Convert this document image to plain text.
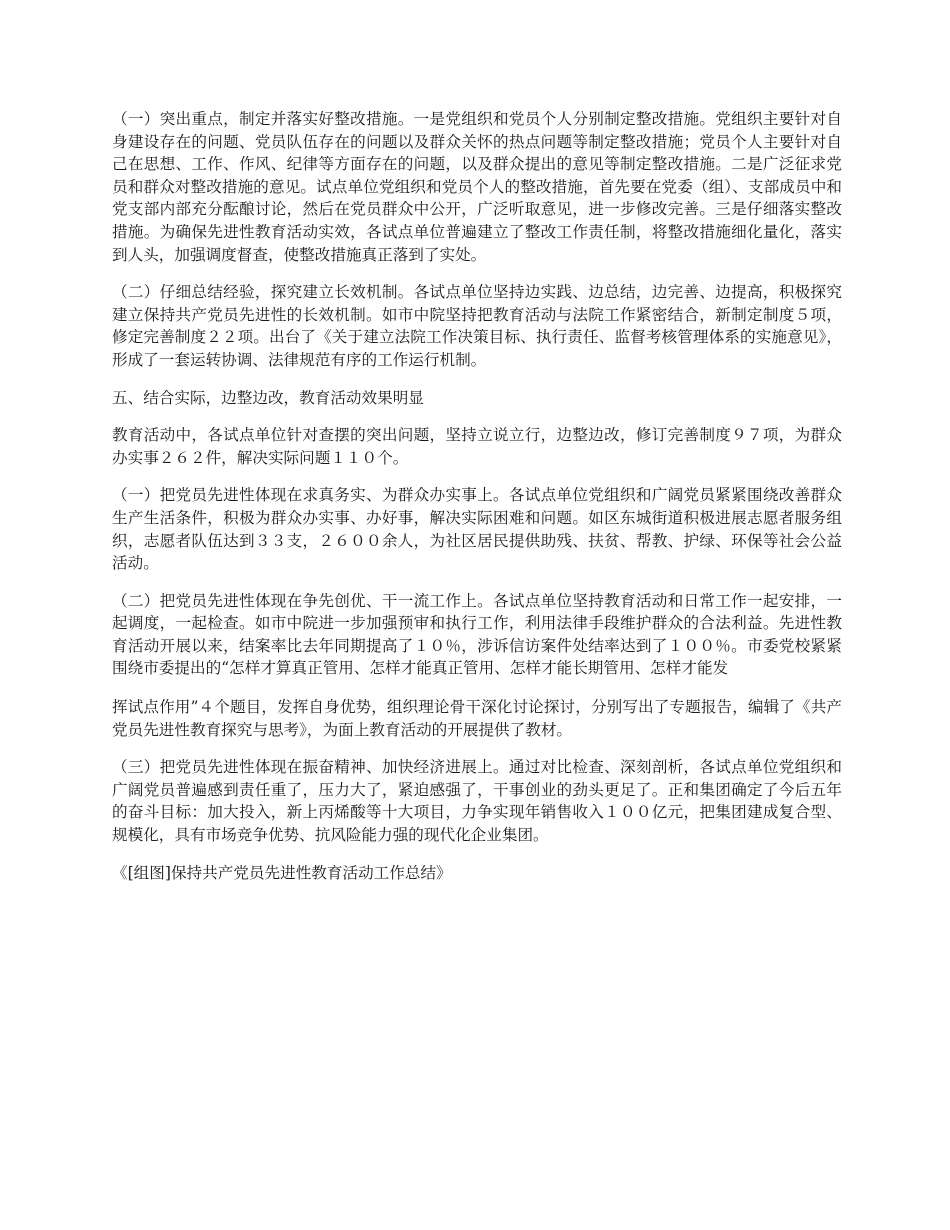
（一）突出重点，制定并落实好整改措施。一是党组织和党员个人分别制定整改措施。党组织主要针对自身建设存在的问题、党员队伍存在的问题以及群众关怀的热点问题等制定整改措施；党员个人主要针对自己在思想、工作、作风、纪律等方面存在的问题，以及群众提出的意见等制定整改措施。二是广泛征求党员和群众对整改措施的意见。试点单位党组织和党员个人的整改措施，首先要在党委（组）、支部成员中和党支部内部充分酝酿讨论，然后在党员群众中公开，广泛听取意见，进一步修改完善。三是仔细落实整改措施。为确保先进性教育活动实效，各试点单位普遍建立了整改工作责任制，将整改措施细化量化，落实到人头，加强调度督查，使整改措施真正落到了实处。

（二）仔细总结经验，探究建立长效机制。各试点单位坚持边实践、边总结，边完善、边提高，积极探究建立保持共产党员先进性的长效机制。如市中院坚持把教育活动与法院工作紧密结合，新制定制度５项，修定完善制度２２项。出台了《关于建立法院工作决策目标、执行责任、监督考核管理体系的实施意见》，形成了一套运转协调、法律规范有序的工作运行机制。

五、结合实际，边整边改，教育活动效果明显

教育活动中，各试点单位针对查摆的突出问题，坚持立说立行，边整边改，修订完善制度９７项，为群众办实事２６２件，解决实际问题１１０个。

（一）把党员先进性体现在求真务实、为群众办实事上。各试点单位党组织和广阔党员紧紧围绕改善群众生产生活条件，积极为群众办实事、办好事，解决实际困难和问题。如区东城街道积极进展志愿者服务组织，志愿者队伍达到３３支，２６００余人，为社区居民提供助残、扶贫、帮教、护绿、环保等社会公益活动。

（二）把党员先进性体现在争先创优、干一流工作上。各试点单位坚持教育活动和日常工作一起安排，一起调度，一起检查。如市中院进一步加强预审和执行工作，利用法律手段维护群众的合法利益。先进性教育活动开展以来，结案率比去年同期提高了１０％，涉诉信访案件处结率达到了１００％。市委党校紧紧围绕市委提出的“怎样才算真正管用、怎样才能真正管用、怎样才能长期管用、怎样才能发

挥试点作用”４个题目，发挥自身优势，组织理论骨干深化讨论探讨，分别写出了专题报告，编辑了《共产党员先进性教育探究与思考》，为面上教育活动的开展提供了教材。

（三）把党员先进性体现在振奋精神、加快经济进展上。通过对比检查、深刻剖析，各试点单位党组织和广阔党员普遍感到责任重了，压力大了，紧迫感强了，干事创业的劲头更足了。正和集团确定了今后五年的奋斗目标：加大投入，新上丙烯酸等十大项目，力争实现年销售收入１００亿元，把集团建成复合型、规模化，具有市场竞争优势、抗风险能力强的现代化企业集团。

《[组图]保持共产党员先进性教育活动工作总结》
